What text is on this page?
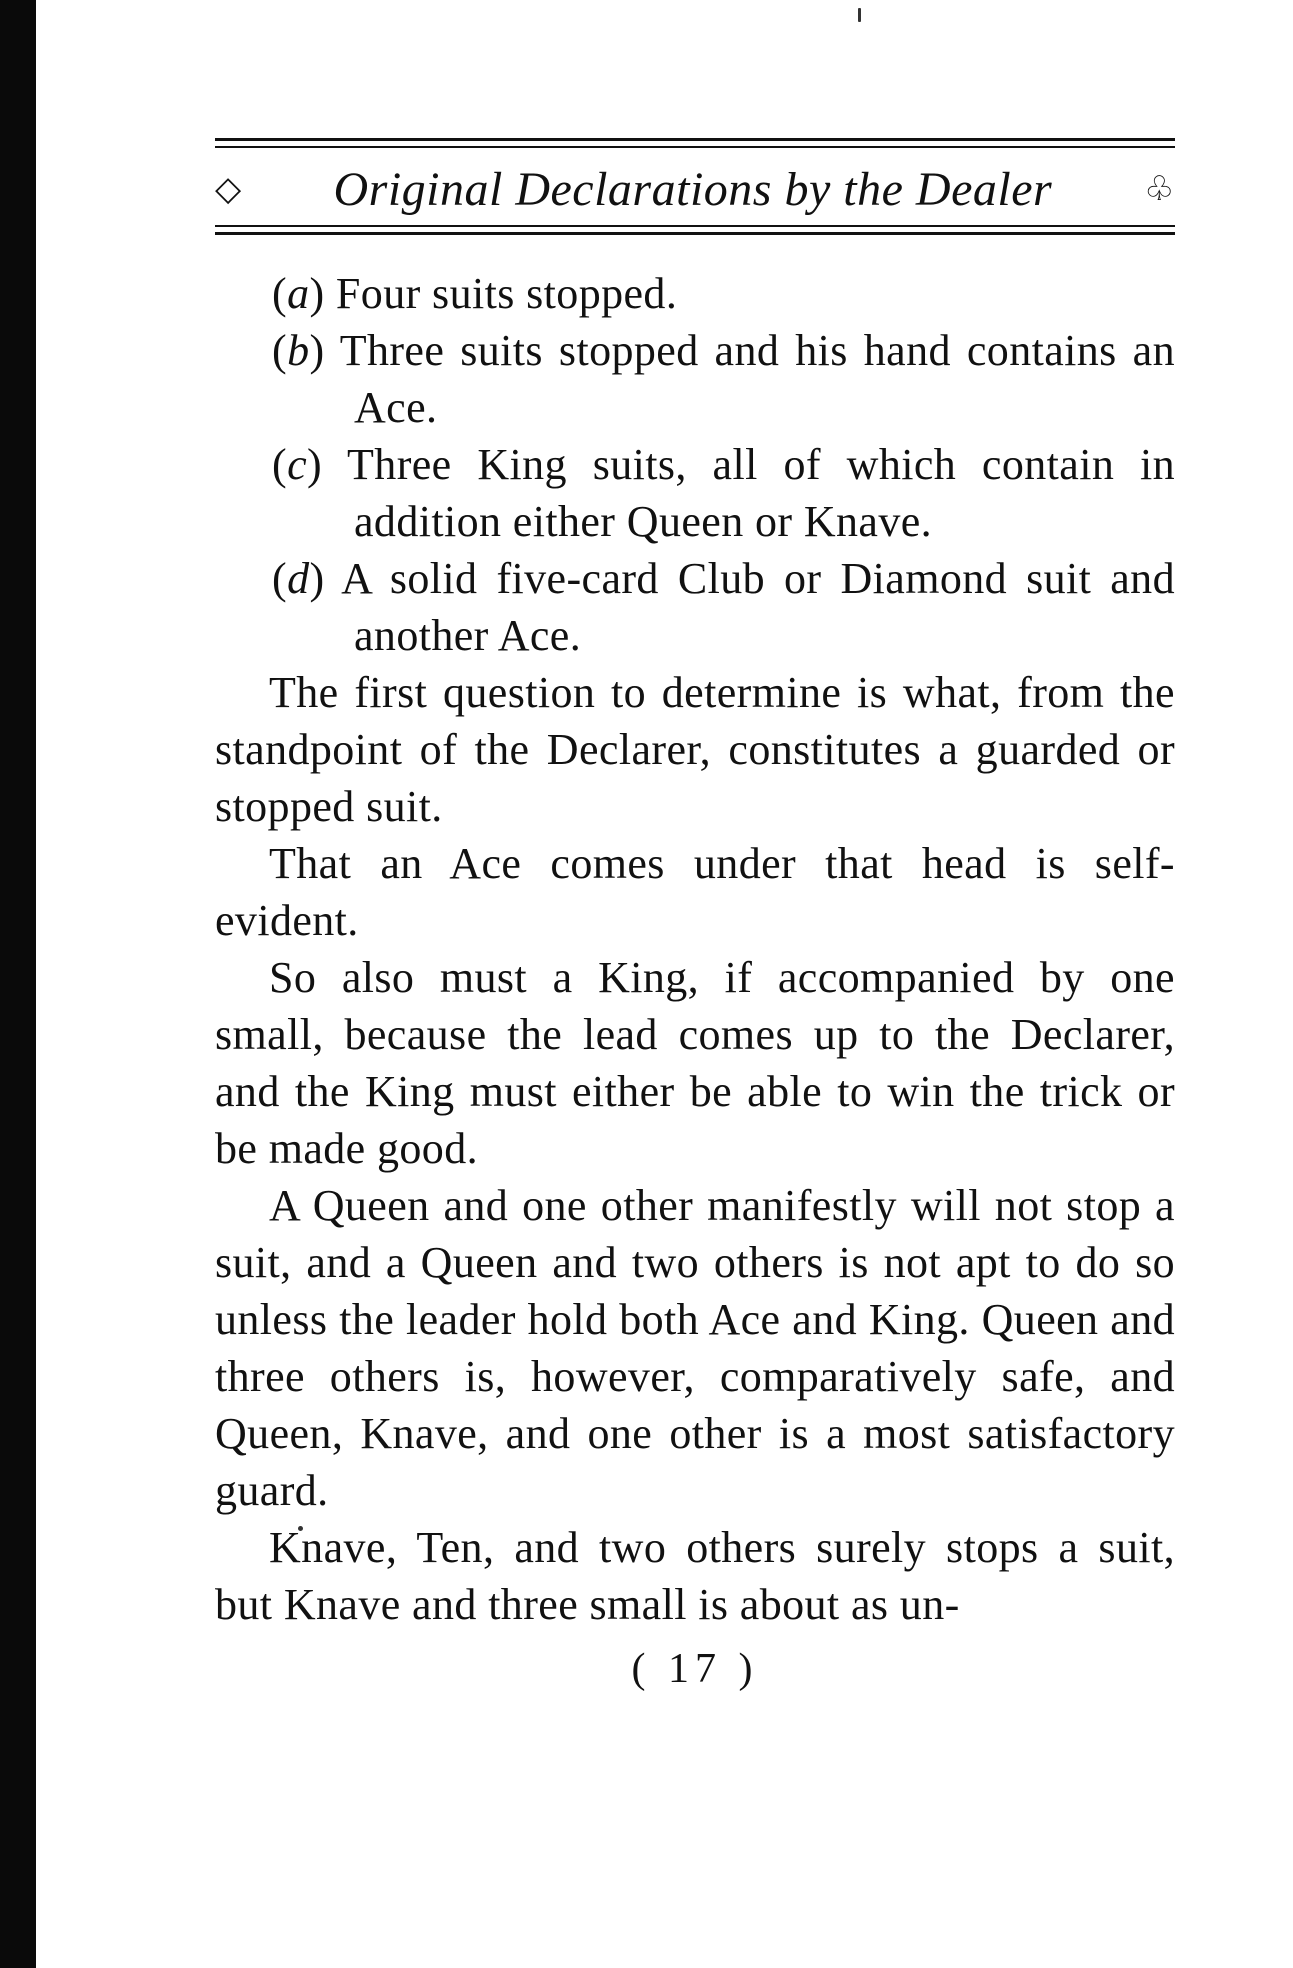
◇ Original Declarations by the Dealer	♧
(a) Four suits stopped.
(b) Three suits stopped and his hand contains an Ace.
(c) Three King suits, all of which contain in addition either Queen or Knave.
(d) A solid five-card Club or Diamond suit and another Ace.
The first question to determine is what, from the standpoint of the Declarer, constitutes a guarded or stopped suit.
That an Ace comes under that head is self-evident.
So also must a King, if accompanied by one small, because the lead comes up to the Declarer, and the King must either be able to win the trick or be made good.
A Queen and one other manifestly will not stop a suit, and a Queen and two others is not apt to do so unless the leader hold both Ace and King. Queen and three others is, however, comparatively safe, and Queen, Knave, and one other is a most satisfactory guard.
Knave, Ten, and two others surely stops a suit, but Knave and three small is about as un-
( 17 )
